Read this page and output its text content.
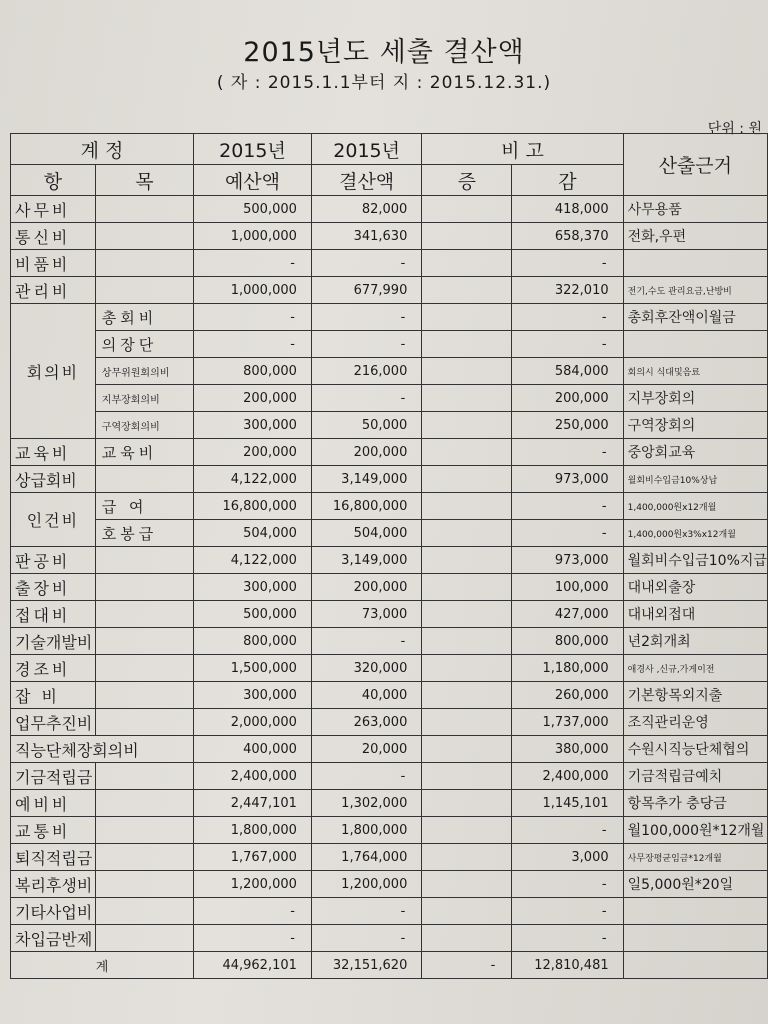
2015년도 세출 결산액
( 자 : 2015.1.1부터 지 : 2015.12.31.)
단위 : 원
계 정		2015년	2015년	비 고		산출근거
항	목	예산액	결산액	증	감	
사무비		500,000	82,000		418,000	사무용품
통신비		1,000,000	341,630		658,370	전화,우편
비품비		-	-		-	
관리비		1,000,000	677,990		322,010	전기,수도 관리요금,난방비
회의비	총회비	-	-		-	총회후잔액이월금
	의장단	-	-		-	
	상무위원회의비	800,000	216,000		584,000	회의시 식대및음료
	지부장회의비	200,000	-		200,000	지부장회의
	구역장회의비	300,000	50,000		250,000	구역장회의
교육비	교육비	200,000	200,000		-	중앙회교육
상급회비		4,122,000	3,149,000		973,000	월회비수입금10%상납
인건비	급 여	16,800,000	16,800,000		-	1,400,000원x12개월
	호봉급	504,000	504,000		-	1,400,000원x3%x12개월
판공비		4,122,000	3,149,000		973,000	월회비수입금10%지급
출장비		300,000	200,000		100,000	대내외출장
접대비		500,000	73,000		427,000	대내외접대
기술개발비		800,000	-		800,000	년2회개최
경조비		1,500,000	320,000		1,180,000	애경사 ,신규,가게이전
잡 비		300,000	40,000		260,000	기본항목외지출
업무추진비		2,000,000	263,000		1,737,000	조직관리운영
직능단체장회의비		400,000	20,000		380,000	수원시직능단체협의
기금적립금		2,400,000	-		2,400,000	기금적립금예치
예비비		2,447,101	1,302,000		1,145,101	항목추가 충당금
교통비		1,800,000	1,800,000		-	월100,000원*12개월
퇴직적립금		1,767,000	1,764,000		3,000	사무장평균임금*12개월
복리후생비		1,200,000	1,200,000		-	일5,000원*20일
기타사업비		-	-		-	
차입금반제		-	-		-	
계		44,962,101	32,151,620	-	12,810,481	
